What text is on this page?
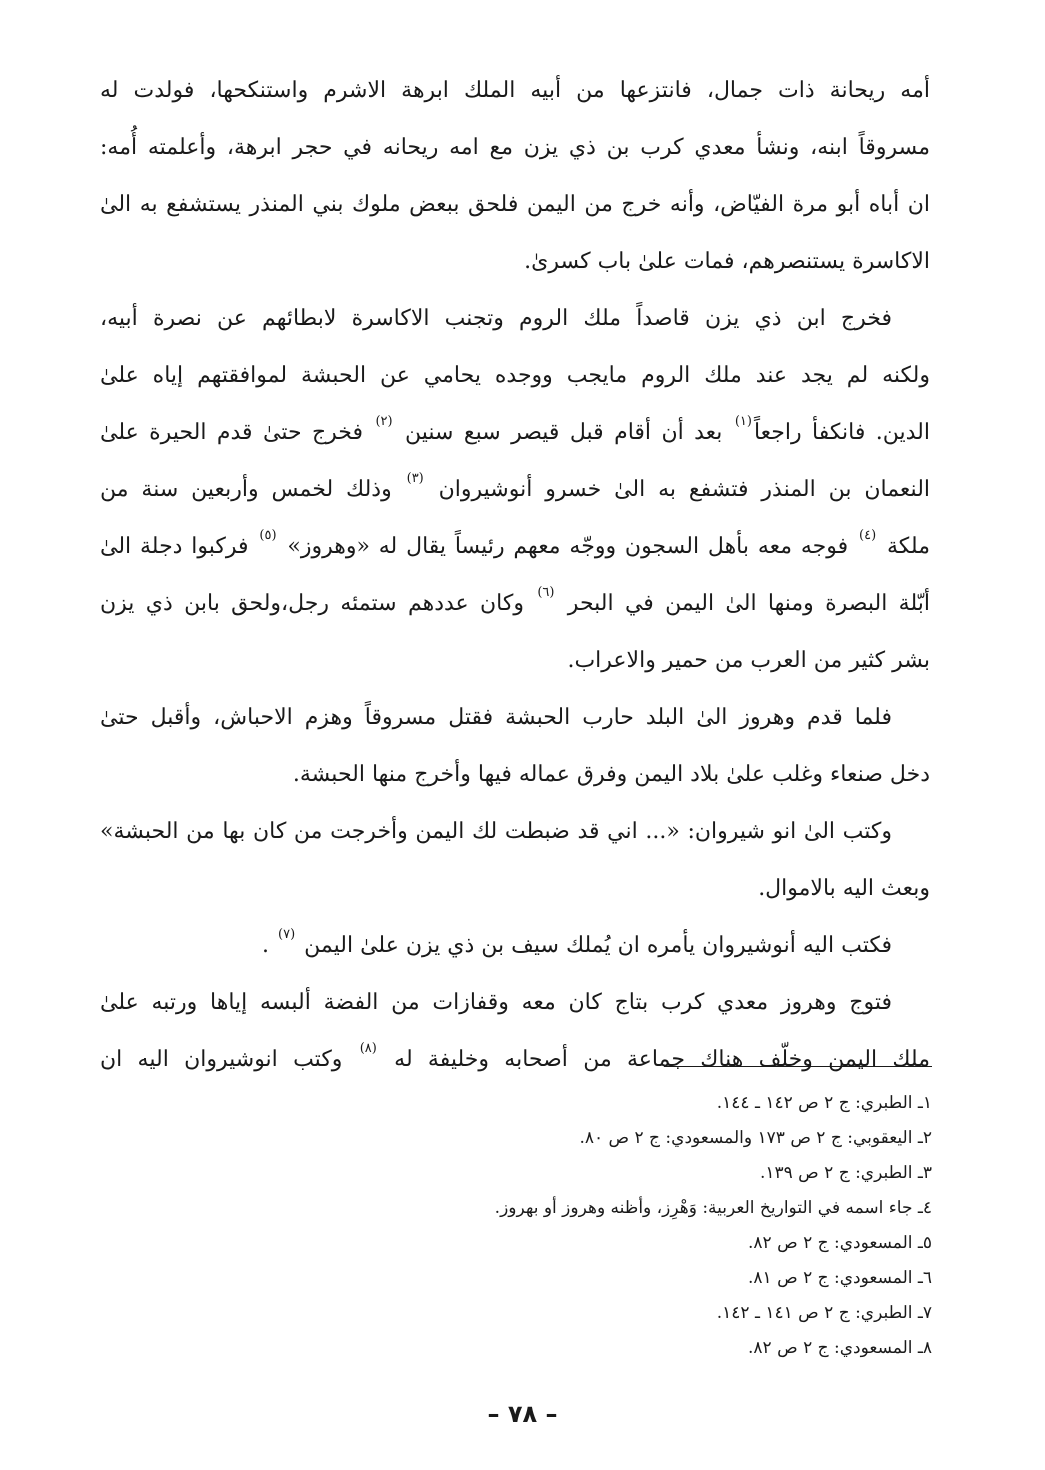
أمه ريحانة ذات جمال، فانتزعها من أبيه الملك ابرهة الاشرم واستنكحها، فولدت له
مسروقاً ابنه، ونشأ معدي كرب بن ذي يزن مع امه ريحانه في حجر ابرهة، وأعلمته أُمه:
ان أباه أبو مرة الفيّاض، وأنه خرج من اليمن فلحق ببعض ملوك بني المنذر يستشفع به الىٰ
الاكاسرة يستنصرهم، فمات علىٰ باب كسرىٰ.
فخرج ابن ذي يزن قاصداً ملك الروم وتجنب الاكاسرة لابطائهم عن نصرة أبيه،
ولكنه لم يجد عند ملك الروم مايجب ووجده يحامي عن الحبشة لموافقتهم إياه علىٰ
الدين. فانكفأ راجعاً$^{(١)}$ بعد أن أقام قبل قيصر سبع سنين $^{(٢)}$ فخرج حتىٰ قدم الحيرة علىٰ
النعمان بن المنذر فتشفع به الىٰ خسرو أنوشيروان $^{(٣)}$ وذلك لخمس وأربعين سنة من
ملكة $^{(٤)}$ فوجه معه بأهل السجون ووجّه معهم رئيساً يقال له «وهروز» $^{(٥)}$ فركبوا دجلة الىٰ
أبّلة البصرة ومنها الىٰ اليمن في البحر $^{(٦)}$ وكان عددهم ستمئه رجل،ولحق بابن ذي يزن
بشر كثير من العرب من حمير والاعراب.
فلما قدم وهروز الىٰ البلد حارب الحبشة فقتل مسروقاً وهزم الاحباش، وأقبل حتىٰ
دخل صنعاء وغلب علىٰ بلاد اليمن وفرق عماله فيها وأخرج منها الحبشة.
وكتب الىٰ انو شيروان: «... اني قد ضبطت لك اليمن وأخرجت من كان بها من الحبشة»
وبعث اليه بالاموال.
فكتب اليه أنوشيروان يأمره ان يُملك سيف بن ذي يزن علىٰ اليمن $^{(٧)}$ .
فتوج وهروز معدي كرب بتاج كان معه وقفازات من الفضة ألبسه إياها ورتبه علىٰ
ملك اليمن وخلّف هناك جماعة من أصحابه وخليفة له $^{(٨)}$ وكتب انوشيروان اليه ان
١ـ الطبري: ج ٢ ص ١٤٢ ـ ١٤٤.
٢ـ اليعقوبي: ج ٢ ص ١٧٣ والمسعودي: ج ٢ ص ٨٠.
٣ـ الطبري: ج ٢ ص ١٣٩.
٤ـ جاء اسمه في التواريخ العربية: وَهْرِز، وأظنه وهروز أو بهروز.
٥ـ المسعودي: ج ٢ ص ٨٢.
٦ـ المسعودي: ج ٢ ص ٨١.
٧ـ الطبري: ج ٢ ص ١٤١ ـ ١٤٢.
٨ـ المسعودي: ج ٢ ص ٨٢.
– ٧٨ –
